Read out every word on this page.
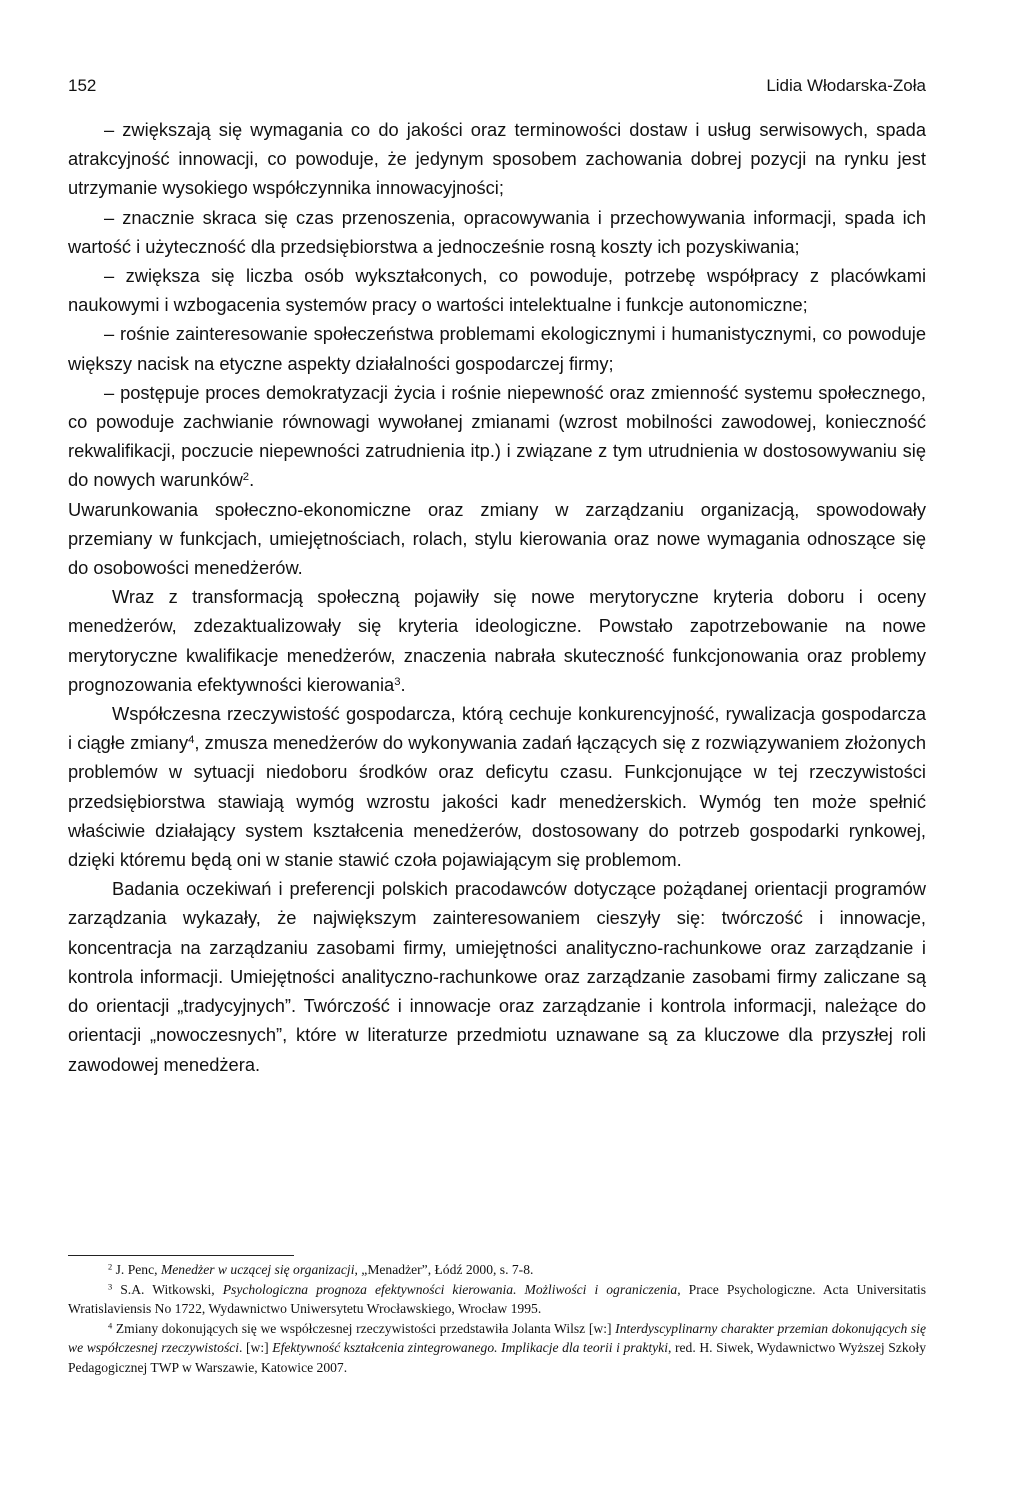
152	Lidia Włodarska-Zoła

– zwiększają się wymagania co do jakości oraz terminowości dostaw i usług serwisowych, spada atrakcyjność innowacji, co powoduje, że jedynym sposobem zachowania dobrej pozycji na rynku jest utrzymanie wysokiego współczynnika innowacyjności;

– znacznie skraca się czas przenoszenia, opracowywania i przechowywania informacji, spada ich wartość i użyteczność dla przedsiębiorstwa a jednocześnie rosną koszty ich pozyskiwania;

– zwiększa się liczba osób wykształconych, co powoduje, potrzebę współpracy z placówkami naukowymi i wzbogacenia systemów pracy o wartości intelektualne i funkcje autonomiczne;

– rośnie zainteresowanie społeczeństwa problemami ekologicznymi i humanistycznymi, co powoduje większy nacisk na etyczne aspekty działalności gospodarczej firmy;

– postępuje proces demokratyzacji życia i rośnie niepewność oraz zmienność systemu społecznego, co powoduje zachwianie równowagi wywołanej zmianami (wzrost mobilności zawodowej, konieczność rekwalifikacji, poczucie niepewności zatrudnienia itp.) i związane z tym utrudnienia w dostosowywaniu się do nowych warunków$^2$.

Uwarunkowania społeczno-ekonomiczne oraz zmiany w zarządzaniu organizacją, spowodowały przemiany w funkcjach, umiejętnościach, rolach, stylu kierowania oraz nowe wymagania odnoszące się do osobowości menedżerów.

Wraz z transformacją społeczną pojawiły się nowe merytoryczne kryteria doboru i oceny menedżerów, zdezaktualizowały się kryteria ideologiczne. Powstało zapotrzebowanie na nowe merytoryczne kwalifikacje menedżerów, znaczenia nabrała skuteczność funkcjonowania oraz problemy prognozowania efektywności kierowania$^3$.

Współczesna rzeczywistość gospodarcza, którą cechuje konkurencyjność, rywalizacja gospodarcza i ciągłe zmiany$^4$, zmusza menedżerów do wykonywania zadań łączących się z rozwiązywaniem złożonych problemów w sytuacji niedoboru środków oraz deficytu czasu. Funkcjonujące w tej rzeczywistości przedsiębiorstwa stawiają wymóg wzrostu jakości kadr menedżerskich. Wymóg ten może spełnić właściwie działający system kształcenia menedżerów, dostosowany do potrzeb gospodarki rynkowej, dzięki któremu będą oni w stanie stawić czoła pojawiającym się problemom.

Badania oczekiwań i preferencji polskich pracodawców dotyczące pożądanej orientacji programów zarządzania wykazały, że największym zainteresowaniem cieszyły się: twórczość i innowacje, koncentracja na zarządzaniu zasobami firmy, umiejętności analityczno-rachunkowe oraz zarządzanie i kontrola informacji. Umiejętności analityczno-rachunkowe oraz zarządzanie zasobami firmy zaliczane są do orientacji „tradycyjnych”. Twórczość i innowacje oraz zarządzanie i kontrola informacji, należące do orientacji „nowoczesnych”, które w literaturze przedmiotu uznawane są za kluczowe dla przyszłej roli zawodowej menedżera.

$^2$ J. Penc, Menedżer w uczącej się organizacji, „Menadżer”, Łódź 2000, s. 7-8.

$^3$ S.A. Witkowski, Psychologiczna prognoza efektywności kierowania. Możliwości i ograniczenia, Prace Psychologiczne. Acta Universitatis Wratislaviensis No 1722, Wydawnictwo Uniwersytetu Wrocławskiego, Wrocław 1995.

$^4$ Zmiany dokonujących się we współczesnej rzeczywistości przedstawiła Jolanta Wilsz [w:] Interdyscyplinarny charakter przemian dokonujących się we współczesnej rzeczywistości. [w:] Efektywność kształcenia zintegrowanego. Implikacje dla teorii i praktyki, red. H. Siwek, Wydawnictwo Wyższej Szkoły Pedagogicznej TWP w Warszawie, Katowice 2007.
